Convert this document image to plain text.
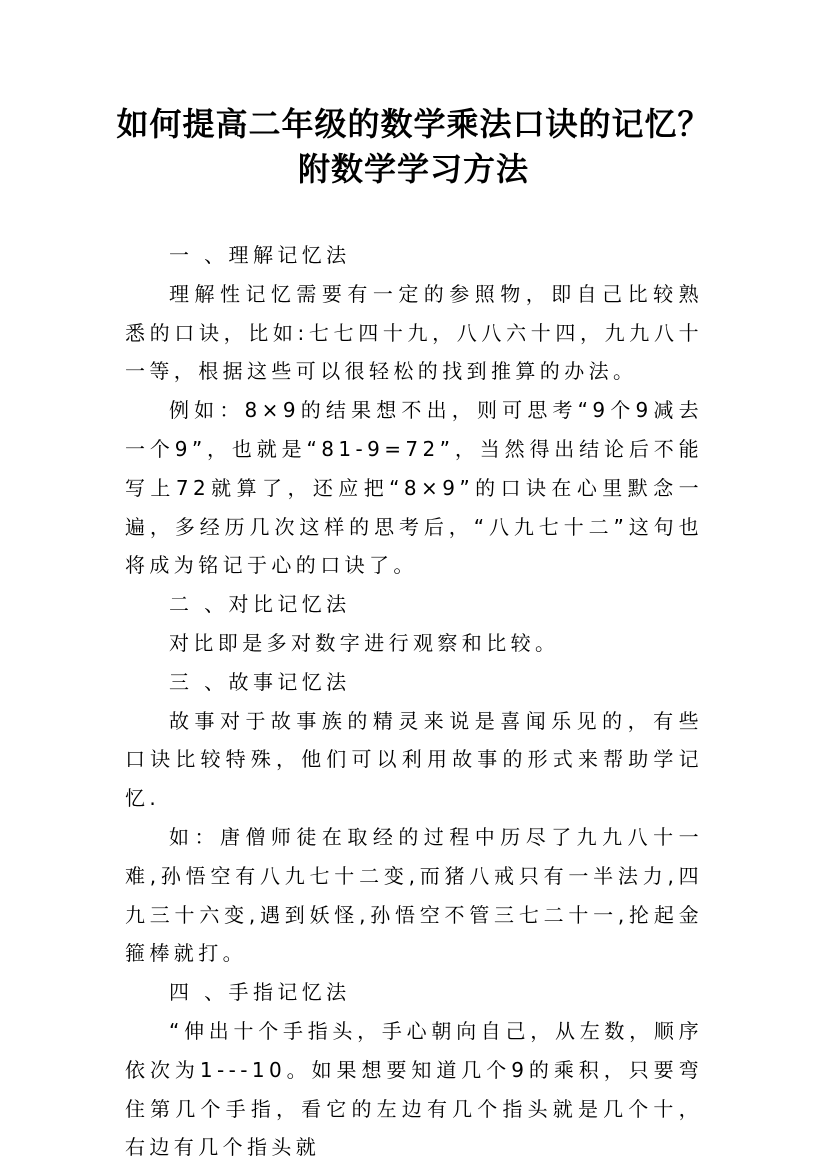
如何提高二年级的数学乘法口诀的记忆？
附数学学习方法

一 、理解记忆法

理解性记忆需要有一定的参照物，即自己比较熟悉的口诀，比如:七七四十九，八八六十四，九九八十一等，根据这些可以很轻松的找到推算的办法。

例如：8×9的结果想不出，则可思考“9个9减去一个9”，也就是“81-9=72”，当然得出结论后不能写上72就算了，还应把“8×9”的口诀在心里默念一遍，多经历几次这样的思考后，“八九七十二”这句也将成为铭记于心的口诀了。

二 、对比记忆法

对比即是多对数字进行观察和比较。

三 、故事记忆法

故事对于故事族的精灵来说是喜闻乐见的，有些口诀比较特殊，他们可以利用故事的形式来帮助学记忆.

如：唐僧师徒在取经的过程中历尽了九九八十一难,孙悟空有八九七十二变,而猪八戒只有一半法力,四九三十六变,遇到妖怪,孙悟空不管三七二十一,抡起金箍棒就打。

四 、手指记忆法

“伸出十个手指头，手心朝向自己，从左数，顺序依次为1---10。如果想要知道几个9的乘积，只要弯住第几个手指，看它的左边有几个指头就是几个十，右边有几个指头就
